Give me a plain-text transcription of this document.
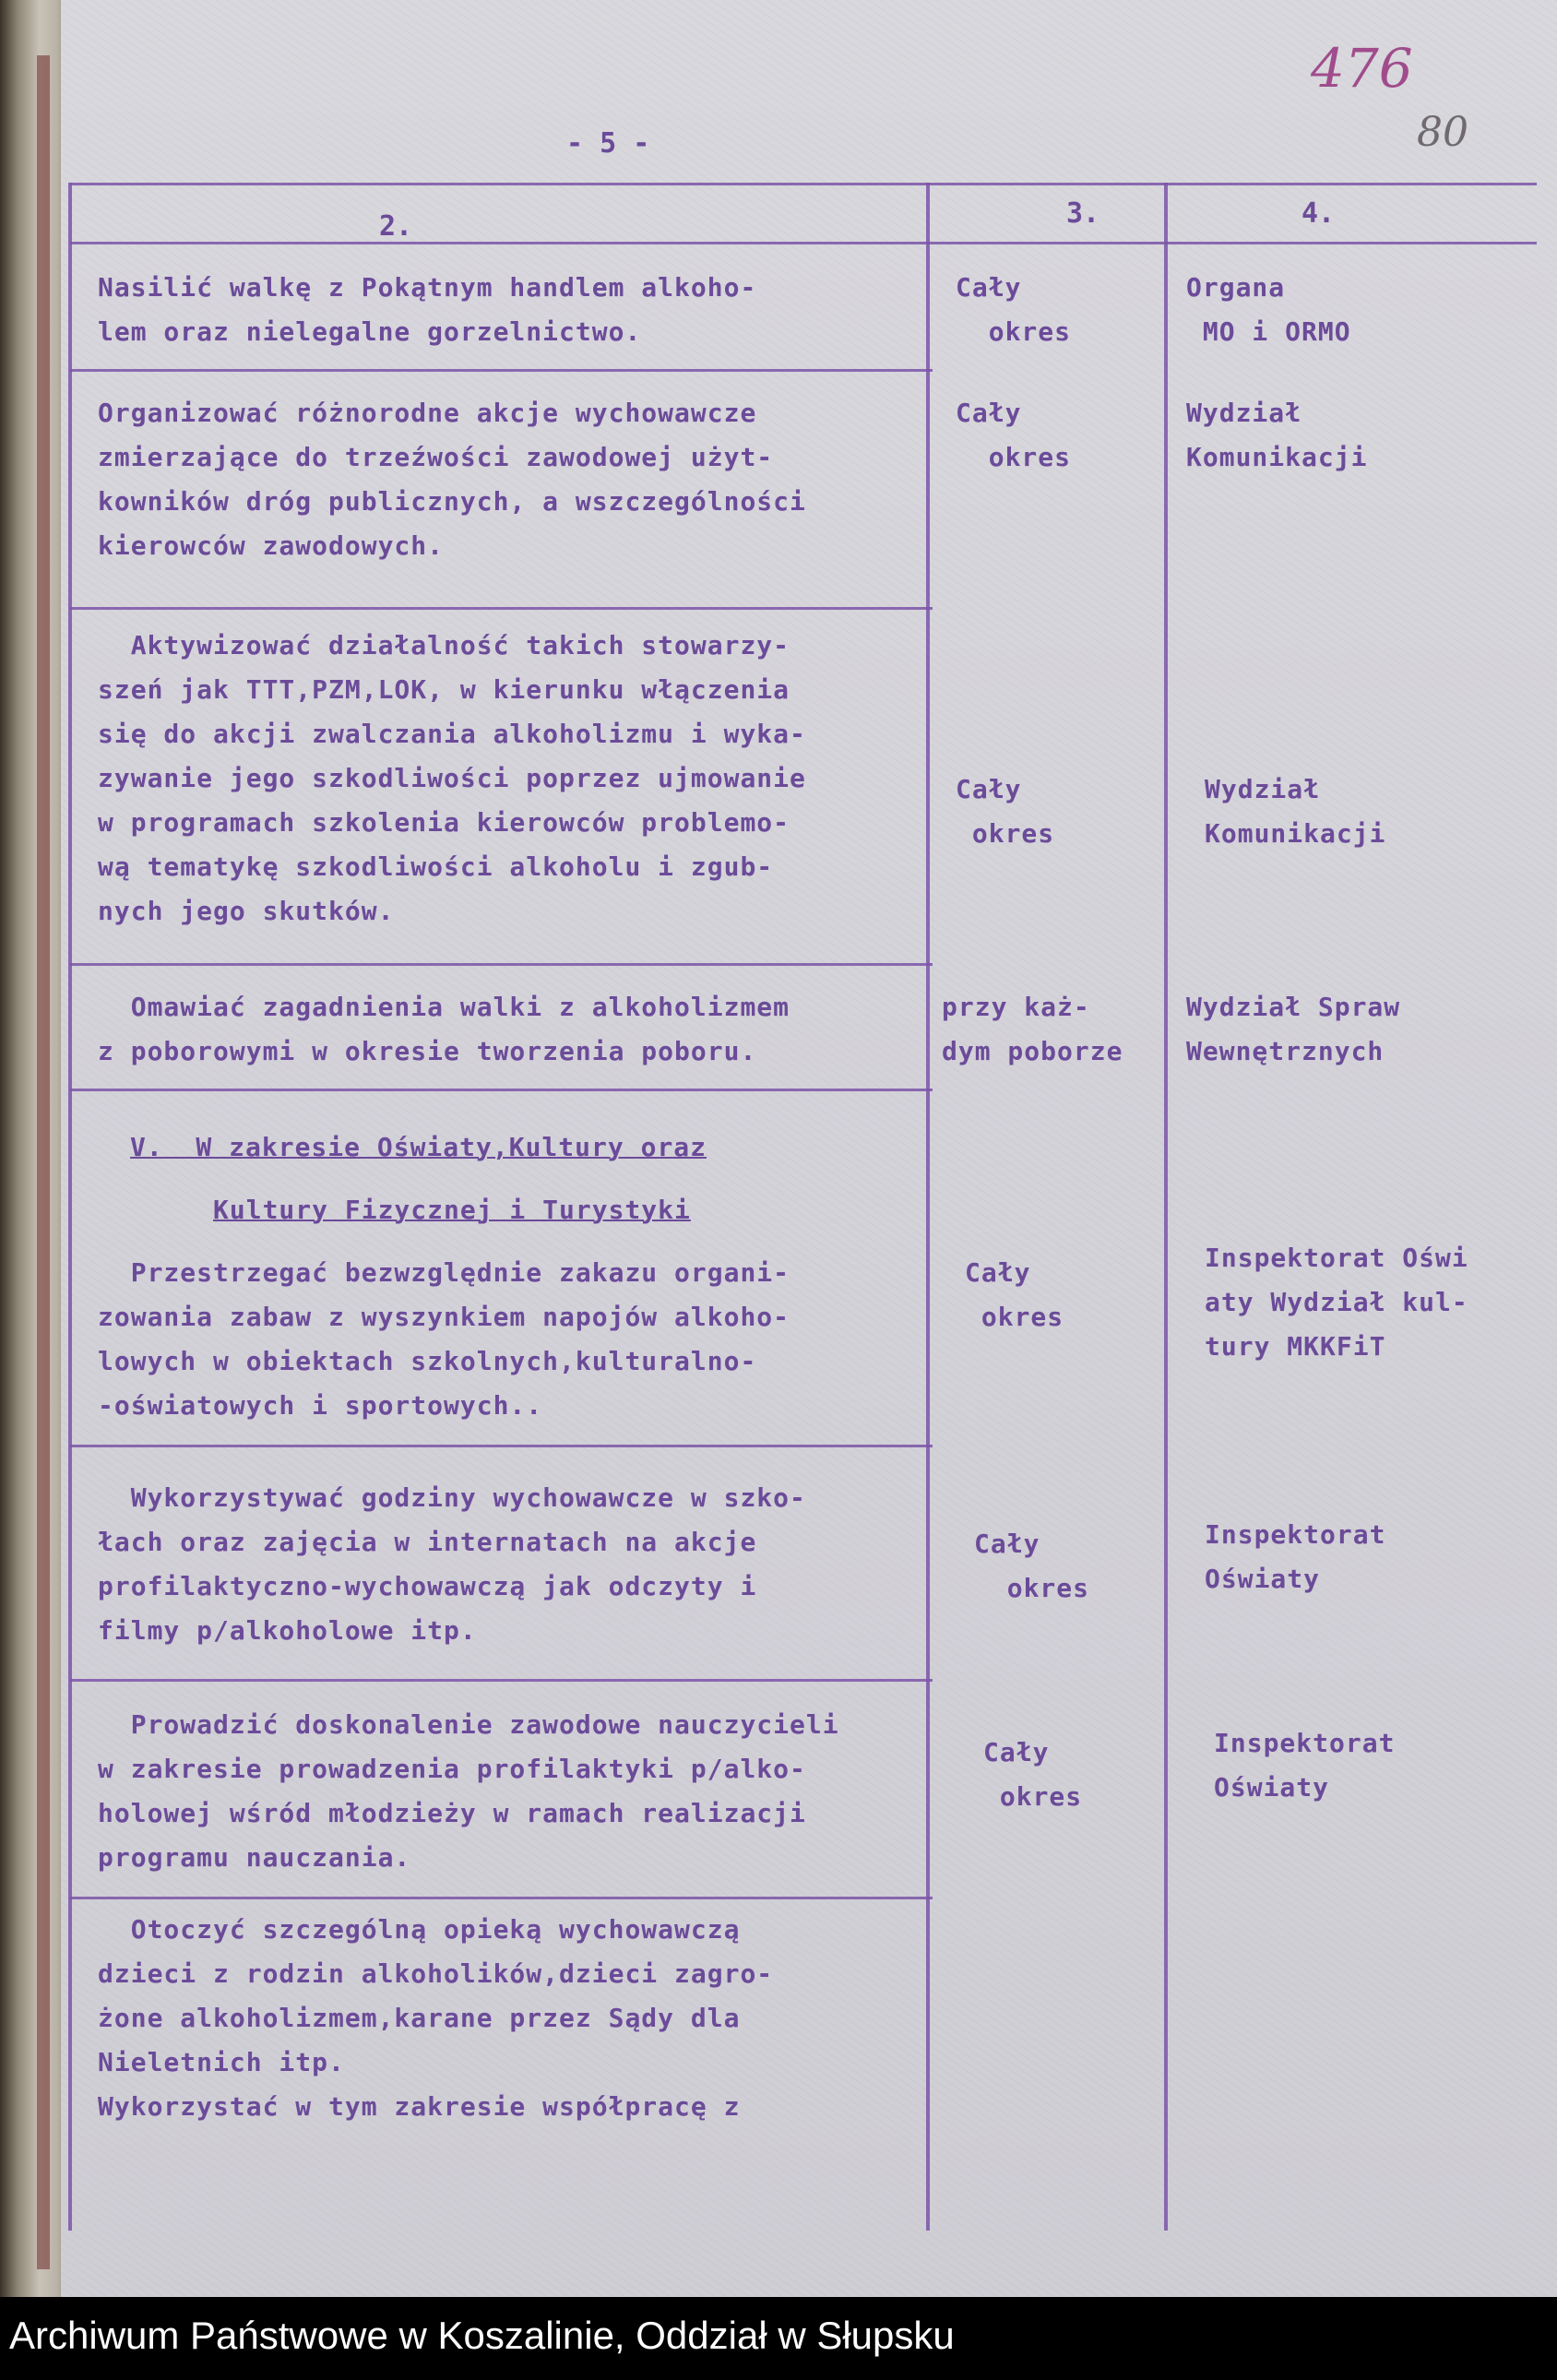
476
80
- 5 -
2.	3.	4.
Nasilić walkę z Pokątnym handlem alkoho-
lem oraz nielegalne gorzelnictwo.
Cały
okres
Organa
MO i ORMO
Organizować różnorodne akcje wychowawcze
zmierzające do trzeźwości zawodowej użyt-
kowników dróg publicznych, a wszczególności
kierowców zawodowych.
Cały
okres
Wydział
Komunikacji
Aktywizować działalność takich stowarzy-
szeń jak TTT,PZM,LOK, w kierunku włączenia
się do akcji zwalczania alkoholizmu i wyka-
zywanie jego szkodliwości poprzez ujmowanie
w programach szkolenia kierowców problemo-
wą tematykę szkodliwości alkoholu i zgub-
nych jego skutków.
Cały
okres
Wydział
Komunikacji
Omawiać zagadnienia walki z alkoholizmem
z poborowymi w okresie tworzenia poboru.
przy każ-
dym poborze
Wydział Spraw
Wewnętrznych
V.  W zakresie Oświaty,Kultury oraz
Kultury Fizycznej i Turystyki
Przestrzegać bezwzględnie zakazu organi-
zowania zabaw z wyszynkiem napojów alkoho-
lowych w obiektach szkolnych,kulturalno-
-oświatowych i sportowych..
Cały
okres
Inspektorat Oświ
aty Wydział kul-
tury MKKFiT
Wykorzystywać godziny wychowawcze w szko-
łach oraz zajęcia w internatach na akcje
profilaktyczno-wychowawczą jak odczyty i
filmy p/alkoholowe itp.
Cały
okres
Inspektorat
Oświaty
Prowadzić doskonalenie zawodowe nauczycieli
w zakresie prowadzenia profilaktyki p/alko-
holowej wśród młodzieży w ramach realizacji
programu nauczania.
Cały
okres
Inspektorat
Oświaty
Otoczyć szczególną opieką wychowawczą
dzieci z rodzin alkoholików,dzieci zagro-
żone alkoholizmem,karane przez Sądy dla
Nieletnich itp.
Wykorzystać w tym zakresie współpracę z
Archiwum Państwowe w Koszalinie, Oddział w Słupsku
